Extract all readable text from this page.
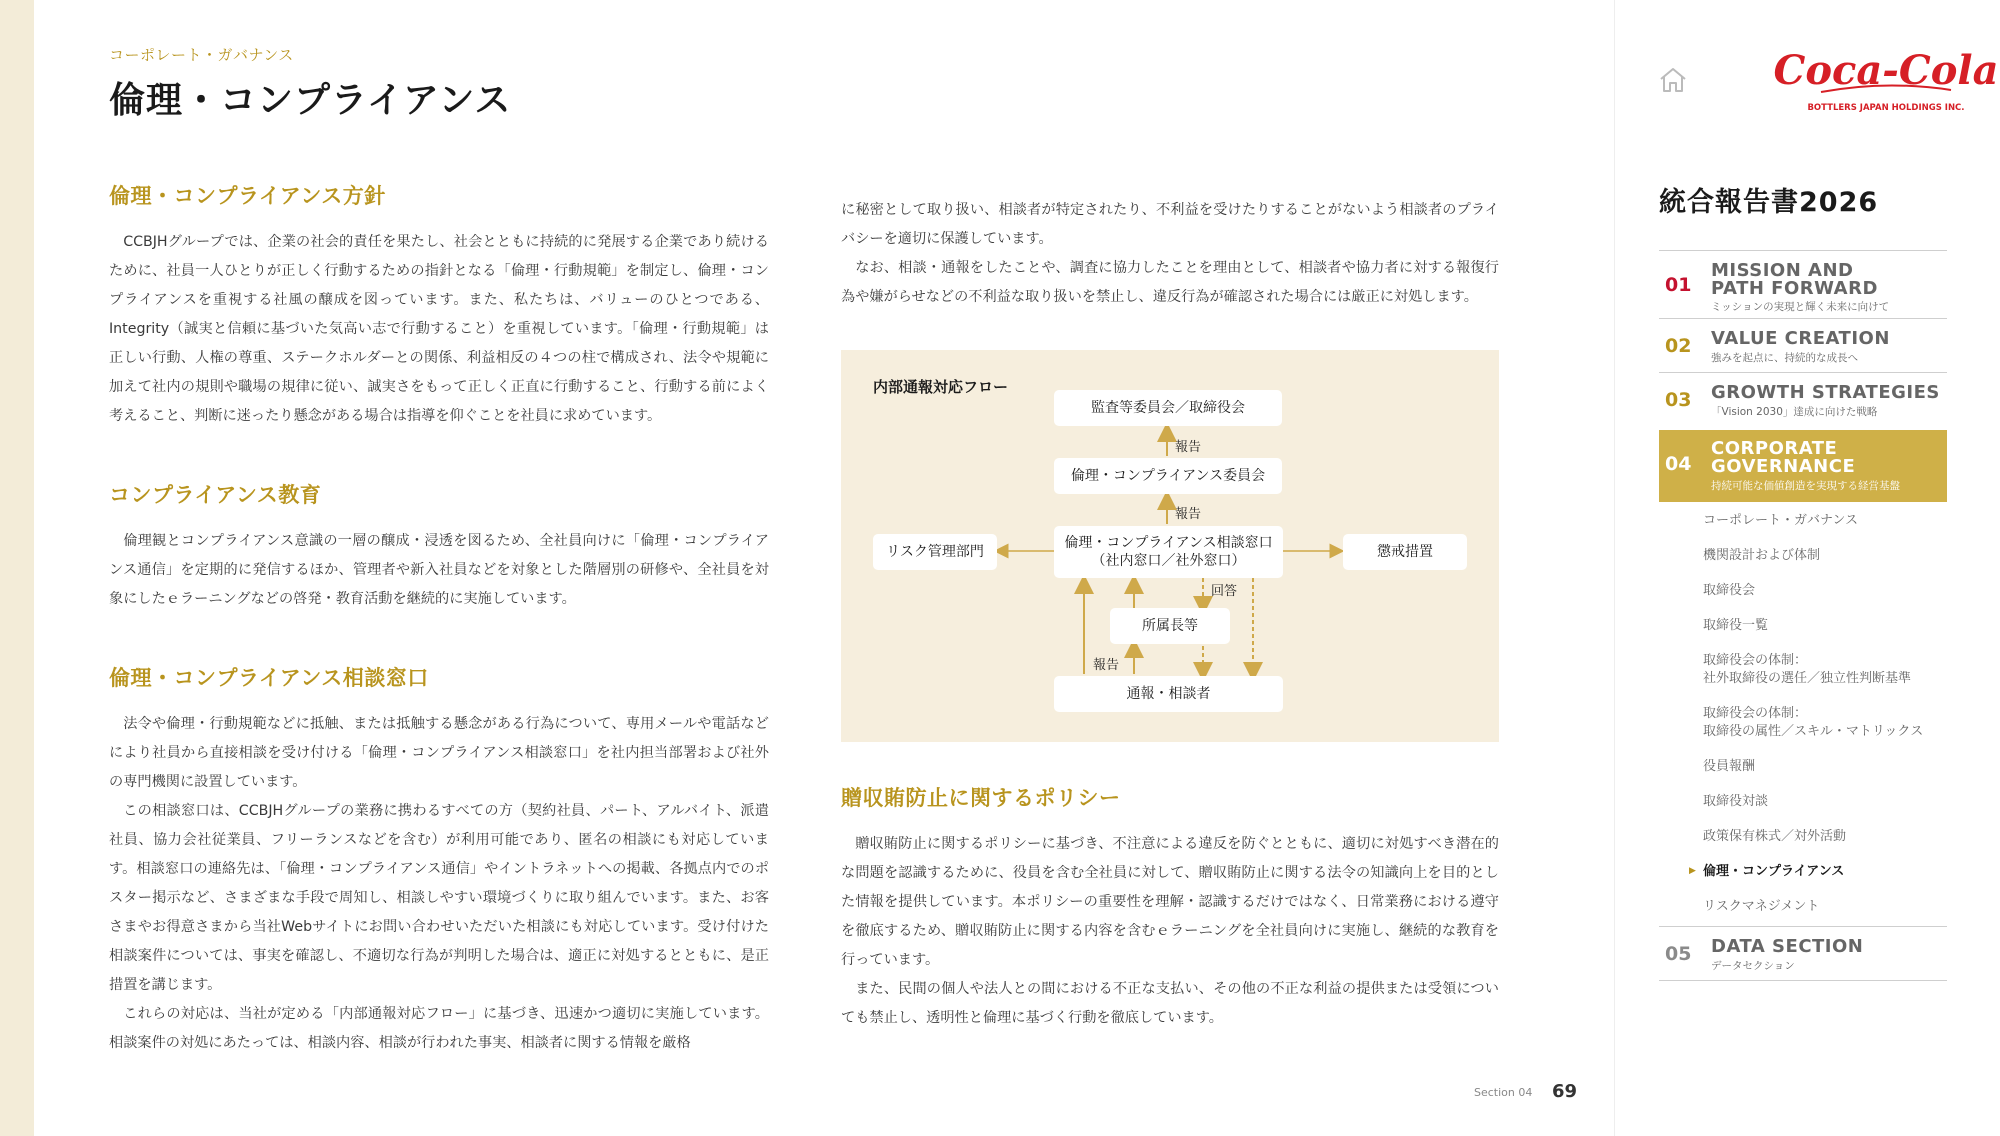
コーポレート・ガバナンス
倫理・コンプライアンス
倫理・コンプライアンス方針

CCBJHグループでは、企業の社会的責任を果たし、社会とともに持続的に発展する企業であり続けるために、社員一人ひとりが正しく行動するための指針となる「倫理・行動規範」を制定し、倫理・コンプライアンスを重視する社風の醸成を図っています。また、私たちは、バリューのひとつである、Integrity（誠実と信頼に基づいた気高い志で行動すること）を重視しています。「倫理・行動規範」は正しい行動、人権の尊重、ステークホルダーとの関係、利益相反の４つの柱で構成され、法令や規範に加えて社内の規則や職場の規律に従い、誠実さをもって正しく正直に行動すること、行動する前によく考えること、判断に迷ったり懸念がある場合は指導を仰ぐことを社員に求めています。

コンプライアンス教育

倫理観とコンプライアンス意識の一層の醸成・浸透を図るため、全社員向けに「倫理・コンプライアンス通信」を定期的に発信するほか、管理者や新入社員などを対象とした階層別の研修や、全社員を対象にしたｅラーニングなどの啓発・教育活動を継続的に実施しています。

倫理・コンプライアンス相談窓口

法令や倫理・行動規範などに抵触、または抵触する懸念がある行為について、専用メールや電話などにより社員から直接相談を受け付ける「倫理・コンプライアンス相談窓口」を社内担当部署および社外の専門機関に設置しています。

この相談窓口は、CCBJHグループの業務に携わるすべての方（契約社員、パート、アルバイト、派遣社員、協力会社従業員、フリーランスなどを含む）が利用可能であり、匿名の相談にも対応しています。相談窓口の連絡先は、「倫理・コンプライアンス通信」やイントラネットへの掲載、各拠点内でのポスター掲示など、さまざまな手段で周知し、相談しやすい環境づくりに取り組んでいます。また、お客さまやお得意さまから当社Webサイトにお問い合わせいただいた相談にも対応しています。受け付けた相談案件については、事実を確認し、不適切な行為が判明した場合は、適正に対処するとともに、是正措置を講じます。

これらの対応は、当社が定める「内部通報対応フロー」に基づき、迅速かつ適切に実施しています。相談案件の対処にあたっては、相談内容、相談が行われた事実、相談者に関する情報を厳格

に秘密として取り扱い、相談者が特定されたり、不利益を受けたりすることがないよう相談者のプライバシーを適切に保護しています。

なお、相談・通報をしたことや、調査に協力したことを理由として、相談者や協力者に対する報復行為や嫌がらせなどの不利益な取り扱いを禁止し、違反行為が確認された場合には厳正に対処します。

内部通報対応フロー
監査等委員会／取締役会
倫理・コンプライアンス委員会
倫理・コンプライアンス相談窓口
（社内窓口／社外窓口）
リスク管理部門	懲戒措置
所属長等
通報・相談者
報告
報告
回答
報告
贈収賄防止に関するポリシー

贈収賄防止に関するポリシーに基づき、不注意による違反を防ぐとともに、適切に対処すべき潜在的な問題を認識するために、役員を含む全社員に対して、贈収賄防止に関する法令の知識向上を目的とした情報を提供しています。本ポリシーの重要性を理解・認識するだけではなく、日常業務における遵守を徹底するため、贈収賄防止に関する内容を含むｅラーニングを全社員向けに実施し、継続的な教育を行っています。

また、民間の個人や法人との間における不正な支払い、その他の不正な利益の提供または受領についても禁止し、透明性と倫理に基づく行動を徹底しています。

Section 04 69
Coca-Cola
BOTTLERS JAPAN HOLDINGS INC.
統合報告書2026
01
MISSION AND
PATH FORWARD
ミッションの実現と輝く未来に向けて
02 VALUE CREATION
強みを起点に、持続的な成長へ
03 GROWTH STRATEGIES
「Vision 2030」達成に向けた戦略
04
CORPORATE
GOVERNANCE
持続可能な価値創造を実現する経営基盤
コーポレート・ガバナンス
機関設計および体制
取締役会
取締役一覧
取締役会の体制：
社外取締役の選任／独立性判断基準
取締役会の体制：
取締役の属性／スキル・マトリックス
役員報酬
取締役対談
政策保有株式／対外活動
▶ 倫理・コンプライアンス
リスクマネジメント
05 DATA SECTION
データセクション
